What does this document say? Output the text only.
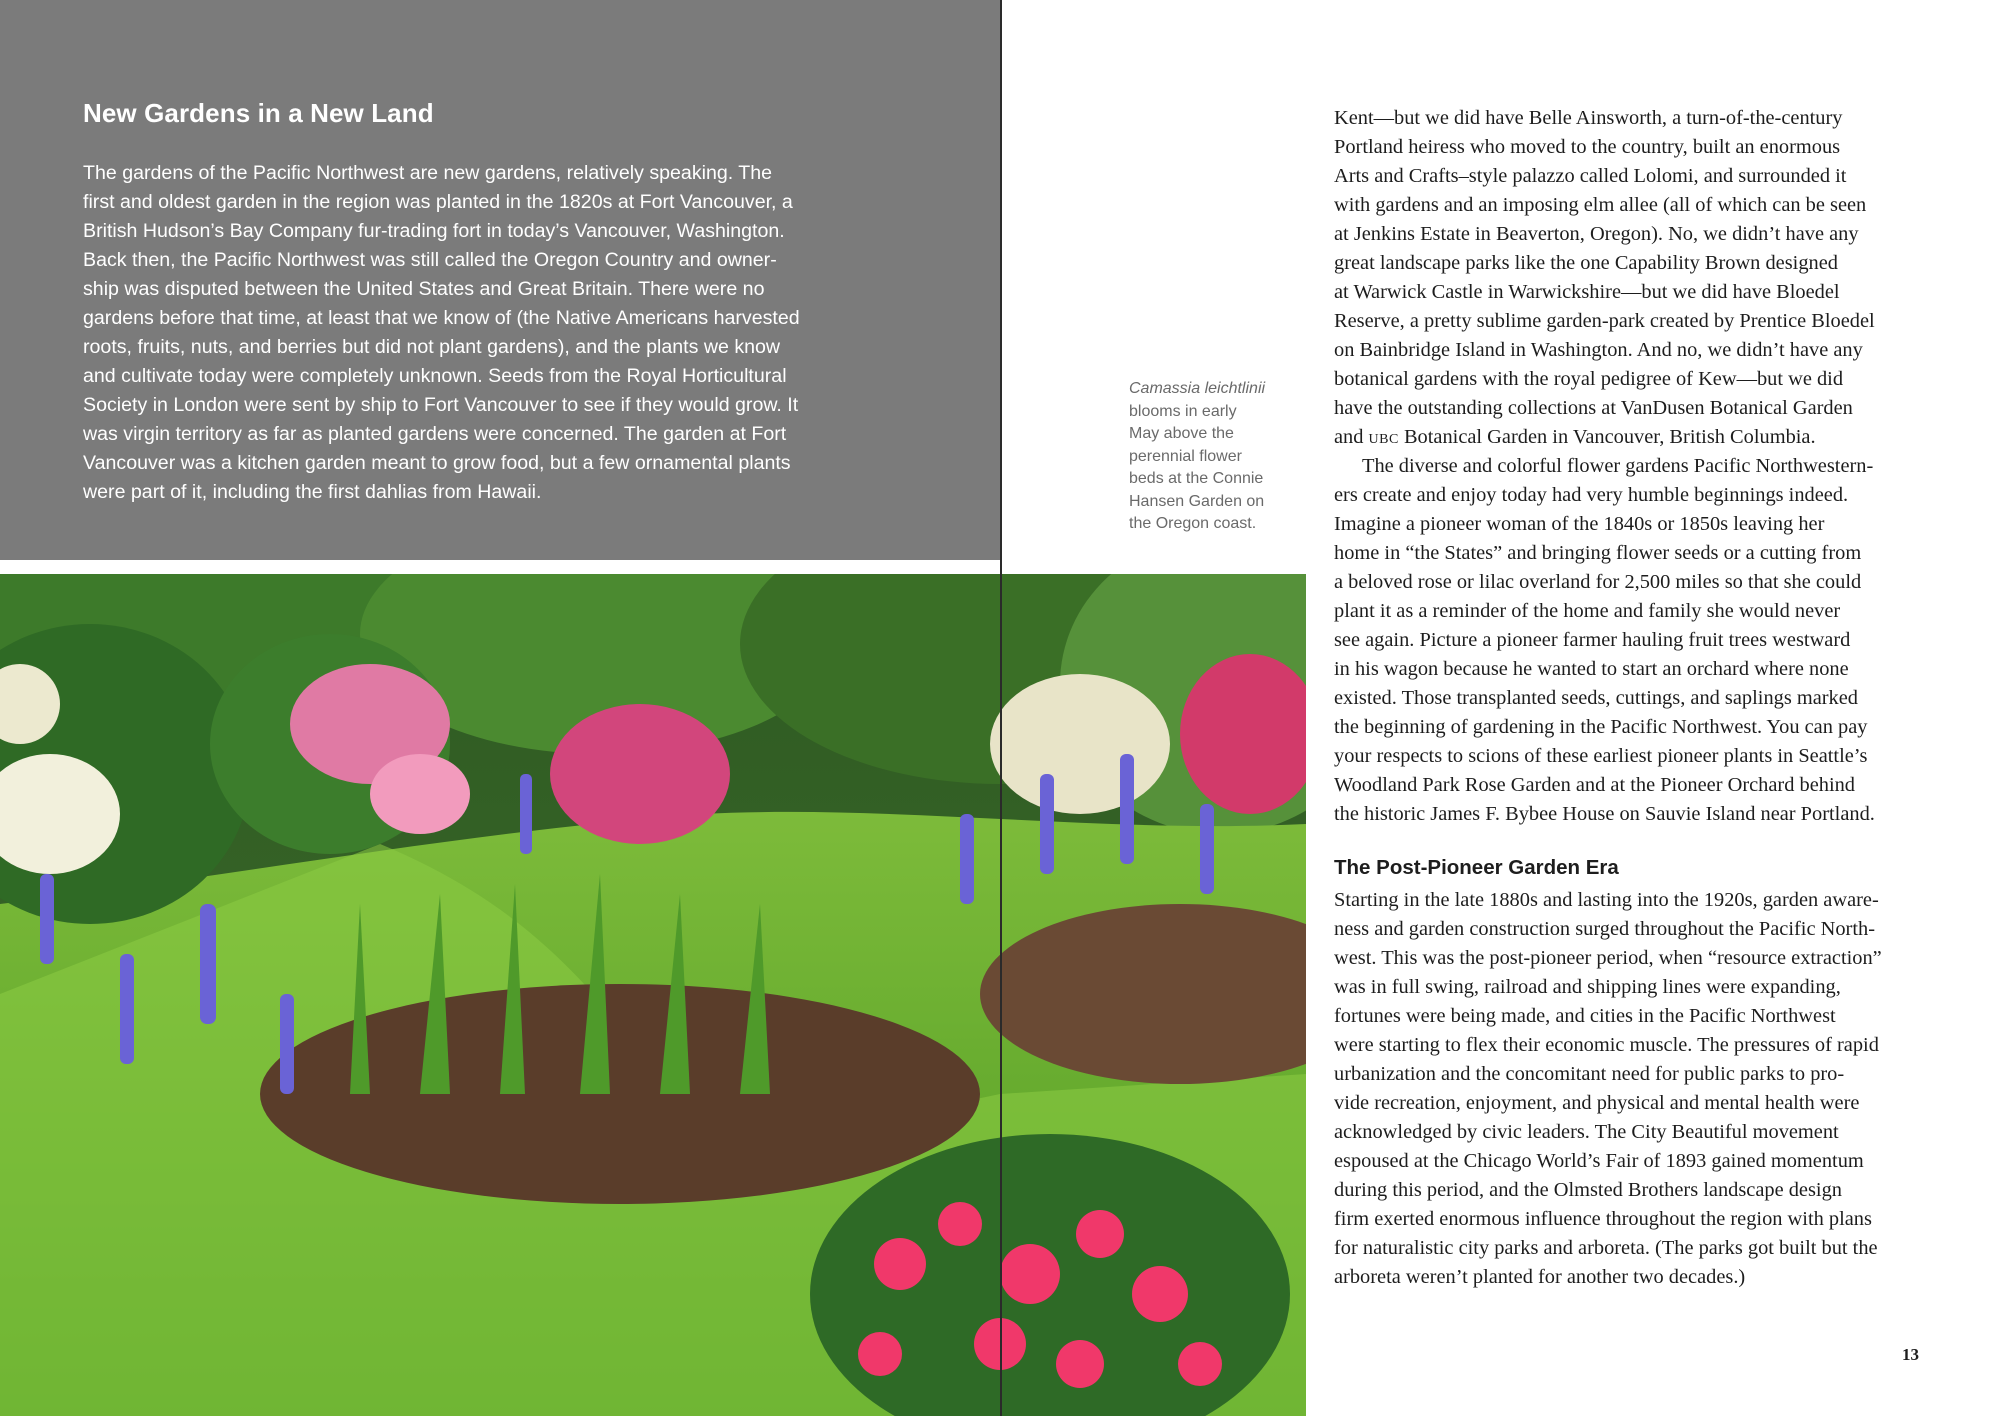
New Gardens in a New Land
The gardens of the Pacific Northwest are new gardens, relatively speaking. The
first and oldest garden in the region was planted in the 1820s at Fort Vancouver, a
British Hudson’s Bay Company fur-trading fort in today’s Vancouver, Washington.
Back then, the Pacific Northwest was still called the Oregon Country and owner-
ship was disputed between the United States and Great Britain. There were no
gardens before that time, at least that we know of (the Native Americans harvested
roots, fruits, nuts, and berries but did not plant gardens), and the plants we know
and cultivate today were completely unknown. Seeds from the Royal Horticultural
Society in London were sent by ship to Fort Vancouver to see if they would grow. It
was virgin territory as far as planted gardens were concerned. The garden at Fort
Vancouver was a kitchen garden meant to grow food, but a few ornamental plants
were part of it, including the first dahlias from Hawaii.
Camassia leichtlinii
blooms in early
May above the
perennial flower
beds at the Connie
Hansen Garden on
the Oregon coast.
Kent—but we did have Belle Ainsworth, a turn-of-the-century
Portland heiress who moved to the country, built an enormous
Arts and Crafts–style palazzo called Lolomi, and surrounded it
with gardens and an imposing elm allee (all of which can be seen
at Jenkins Estate in Beaverton, Oregon). No, we didn’t have any
great landscape parks like the one Capability Brown designed
at Warwick Castle in Warwickshire—but we did have Bloedel
Reserve, a pretty sublime garden-park created by Prentice Bloedel
on Bainbridge Island in Washington. And no, we didn’t have any
botanical gardens with the royal pedigree of Kew—but we did
have the outstanding collections at VanDusen Botanical Garden
and ubc Botanical Garden in Vancouver, British Columbia.
The diverse and colorful flower gardens Pacific Northwestern-
ers create and enjoy today had very humble beginnings indeed.
Imagine a pioneer woman of the 1840s or 1850s leaving her
home in “the States” and bringing flower seeds or a cutting from
a beloved rose or lilac overland for 2,500 miles so that she could
plant it as a reminder of the home and family she would never
see again. Picture a pioneer farmer hauling fruit trees westward
in his wagon because he wanted to start an orchard where none
existed. Those transplanted seeds, cuttings, and saplings marked
the beginning of gardening in the Pacific Northwest. You can pay
your respects to scions of these earliest pioneer plants in Seattle’s
Woodland Park Rose Garden and at the Pioneer Orchard behind
the historic James F. Bybee House on Sauvie Island near Portland.
The Post-Pioneer Garden Era
Starting in the late 1880s and lasting into the 1920s, garden aware-
ness and garden construction surged throughout the Pacific North-
west. This was the post-pioneer period, when “resource extraction”
was in full swing, railroad and shipping lines were expanding,
fortunes were being made, and cities in the Pacific Northwest
were starting to flex their economic muscle. The pressures of rapid
urbanization and the concomitant need for public parks to pro-
vide recreation, enjoyment, and physical and mental health were
acknowledged by civic leaders. The City Beautiful movement
espoused at the Chicago World’s Fair of 1893 gained momentum
during this period, and the Olmsted Brothers landscape design
firm exerted enormous influence throughout the region with plans
for naturalistic city parks and arboreta. (The parks got built but the
arboreta weren’t planted for another two decades.)
13
